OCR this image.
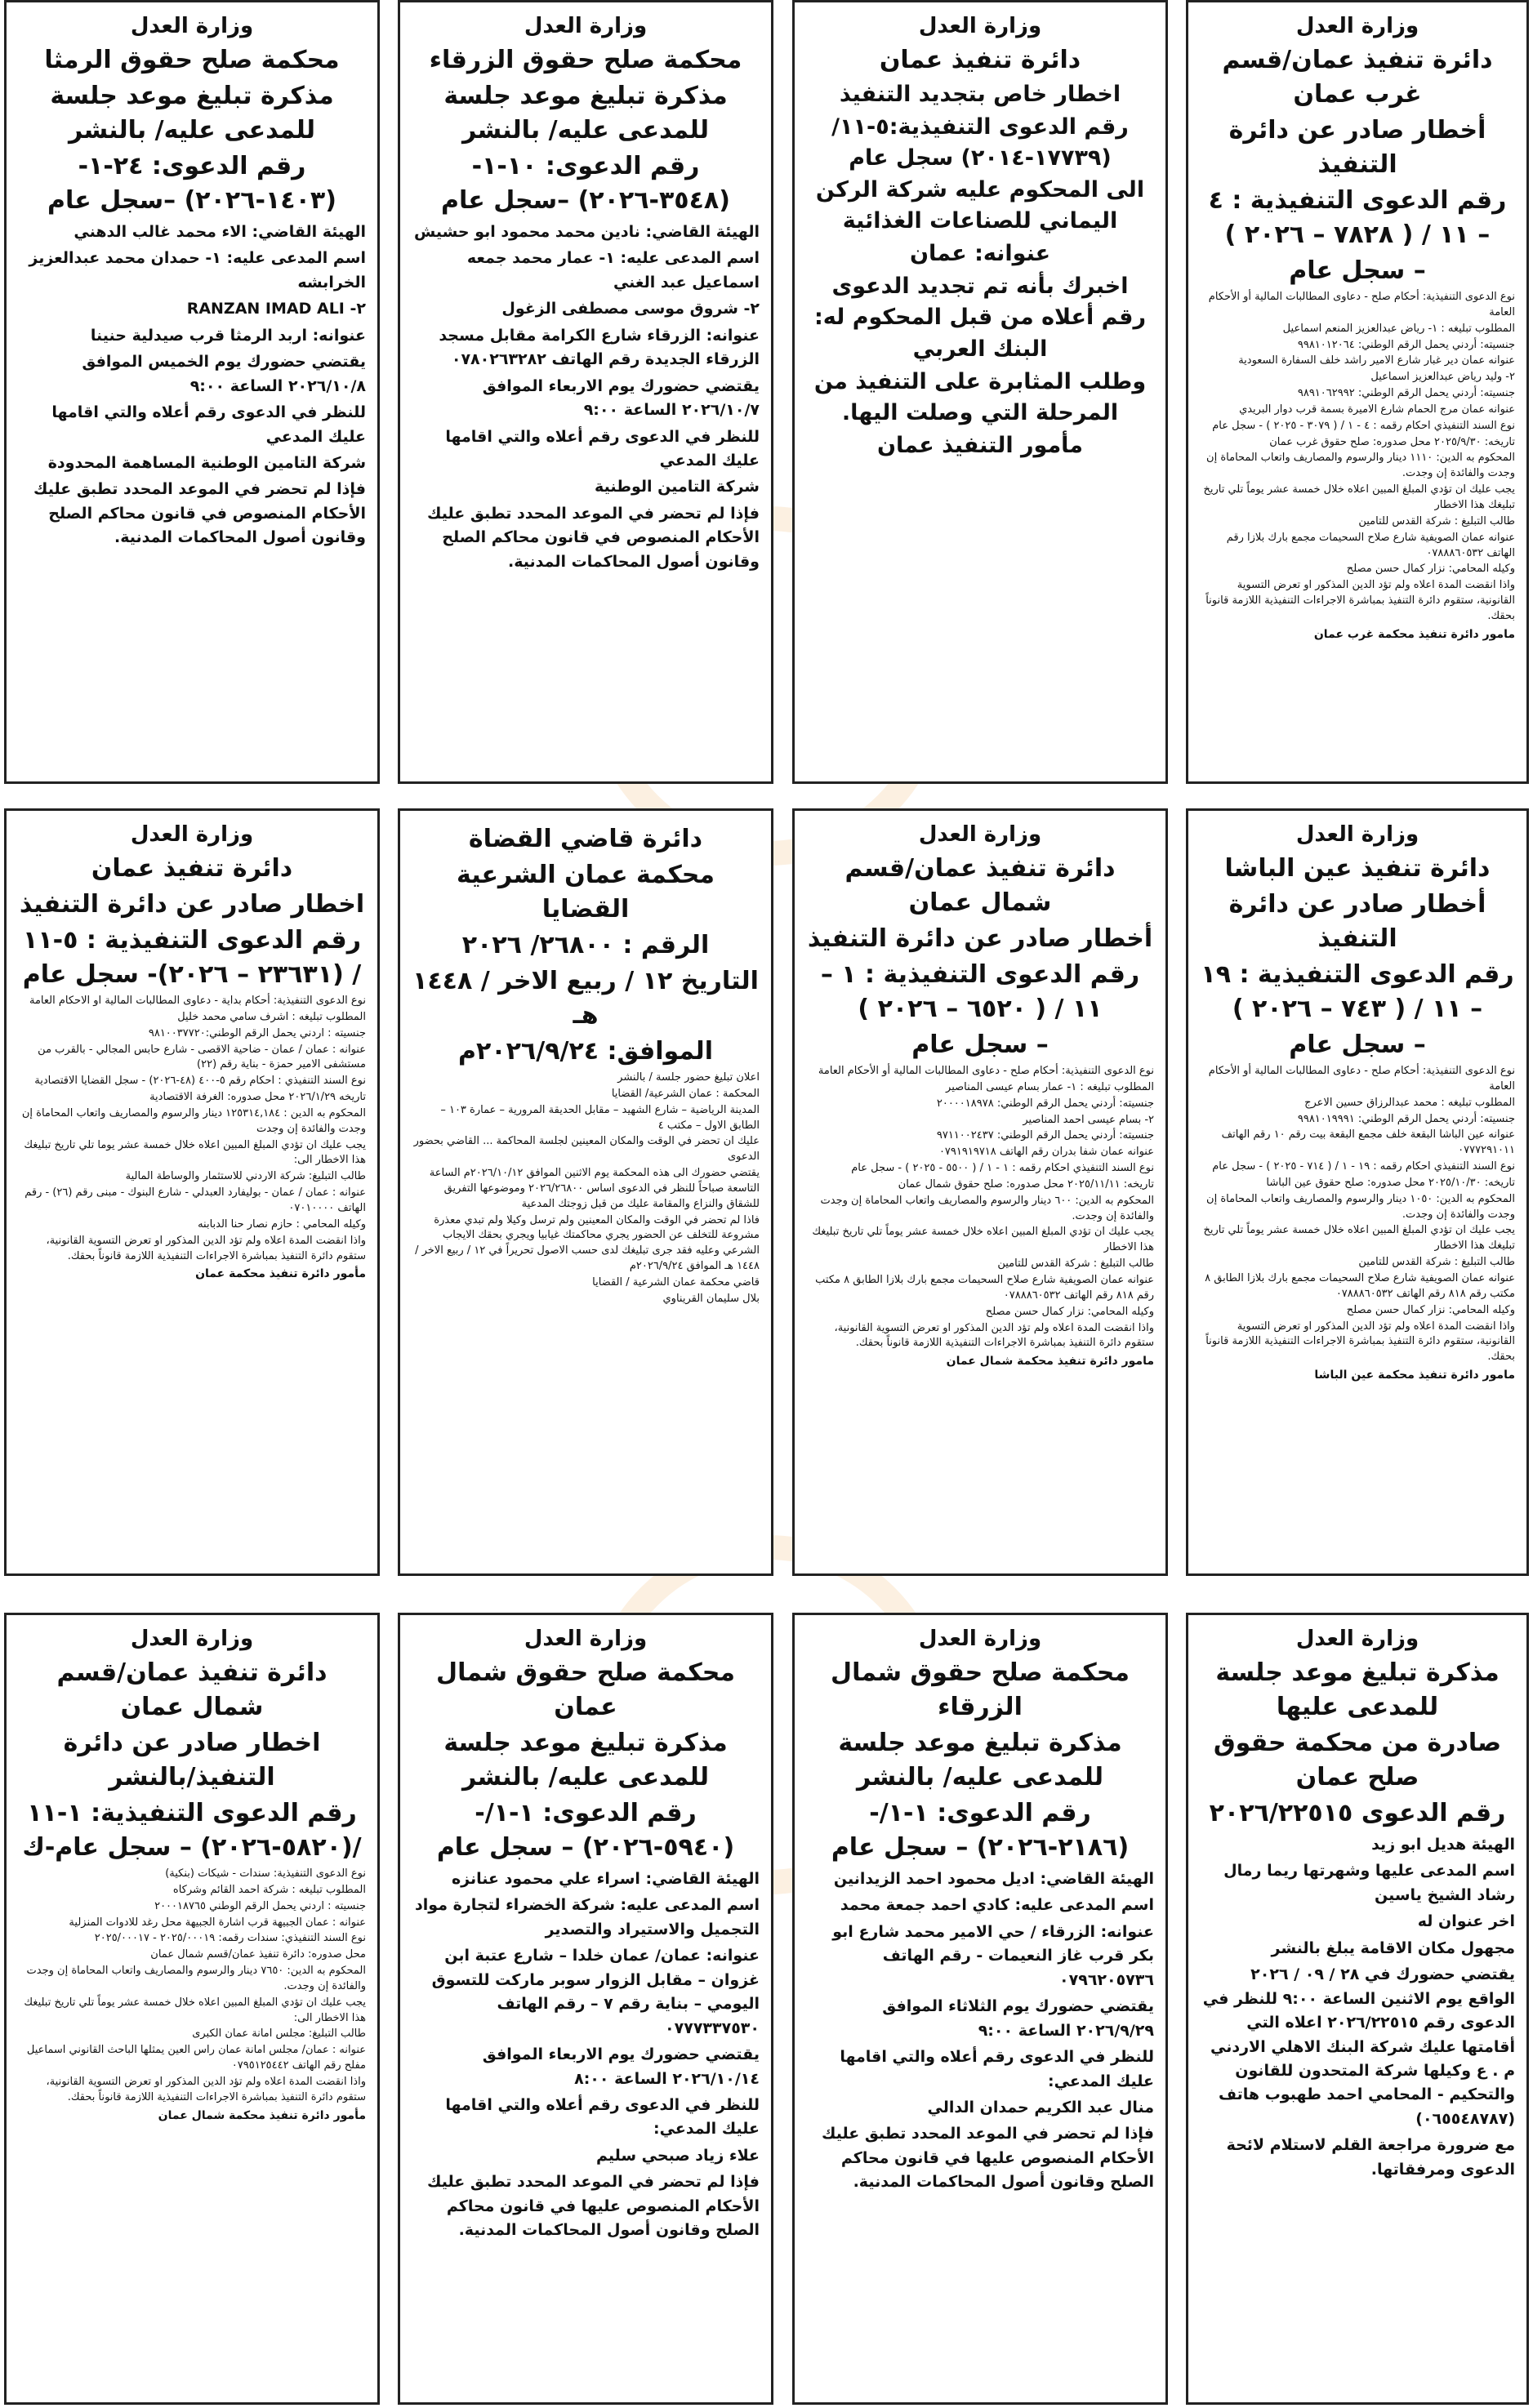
وزارة العدل
دائرة تنفيذ عمان/قسم غرب عمان
أخطار صادر عن دائرة التنفيذ
رقم الدعوى التنفيذية : ٤ – ١١ / ( ٧٨٢٨ – ٢٠٢٦ )
– سجل عام
نوع الدعوى التنفيذية: أحكام صلح - دعاوى المطالبات المالية أو الأحكام العامة
المطلوب تبليغه : ١- رياض عبدالعزيز المنعم اسماعيل
جنسيته: أردني يحمل الرقم الوطني: ٩٩٨١٠١٢٠٦٤
عنوانه عمان دير غبار شارع الامير راشد خلف السفارة السعودية
٢- وليد رياض عبدالعزيز اسماعيل
جنسيته: أردني يحمل الرقم الوطني: ٩٨٩١٠٦٢٩٩٢
عنوانه عمان مرج الحمام شارع الاميرة بسمة قرب دوار البريدي
نوع السند التنفيذي احكام رقمه : ٤ - ١ / ( ٣٠٧٩ - ٢٠٢٥ ) - سجل عام
تاريخه: ٢٠٢٥/٩/٣٠ محل صدوره: صلح حقوق غرب عمان
المحكوم به الدين: ١١١٠ دينار والرسوم والمصاريف واتعاب المحاماة إن وجدت والفائدة إن وجدت.
يجب عليك ان تؤدي المبلغ المبين اعلاه خلال خمسة عشر يوماً تلي تاريخ تبليغك هذا الاخطار
طالب التبليغ : شركة القدس للتامين
عنوانه عمان الصويفية شارع صلاح السحيمات مجمع بارك بلازا رقم الهاتف ٠٧٨٨٨٦٠٥٣٢
وكيله المحامي: نزار كمال حسن مصلح
واذا انقضت المدة اعلاه ولم تؤد الدين المذكور او تعرض التسوية القانونية، ستقوم دائرة التنفيذ بمباشرة الاجراءات التنفيذية اللازمة قانوناً بحقك.
مامور دائرة تنفيذ محكمة غرب عمان
وزارة العدل
دائرة تنفيذ عمان
اخطار خاص بتجديد التنفيذ
رقم الدعوى التنفيذية:٥-١١/ (١٧٧٣٩-٢٠١٤) سجل عام
الى المحكوم عليه شركة الركن اليماني للصناعات الغذائية
عنوانه: عمان
اخبرك بأنه تم تجديد الدعوى رقم أعلاه من قبل المحكوم له:
البنك العربي
وطلب المثابرة على التنفيذ من المرحلة التي وصلت اليها.
مأمور التنفيذ عمان
وزارة العدل
محكمة صلح حقوق الزرقاء
مذكرة تبليغ موعد جلسة للمدعى عليه/ بالنشر
رقم الدعوى: ١٠-١-(٣٥٤٨-٢٠٢٦) –سجل عام
الهيئة القاضي: نادين محمد محمود ابو حشيش
اسم المدعى عليه: ١- عمار محمد جمعه اسماعيل عبد الغني
٢- شروق موسى مصطفى الزغول
عنوانه: الزرقاء شارع الكرامة مقابل مسجد الزرقاء الجديدة رقم الهاتف ٠٧٨٠٢٦٣٢٨٢
يقتضي حضورك يوم الاربعاء الموافق ٢٠٢٦/١٠/٧ الساعة ٩:٠٠
للنظر في الدعوى رقم أعلاه والتي اقامها عليك المدعي
شركة التامين الوطنية
فإذا لم تحضر في الموعد المحدد تطبق عليك الأحكام المنصوص في قانون محاكم الصلح وقانون أصول المحاكمات المدنية.
وزارة العدل
محكمة صلح حقوق الرمثا
مذكرة تبليغ موعد جلسة للمدعى عليه/ بالنشر
رقم الدعوى: ٢٤-١-(١٤٠٣-٢٠٢٦) –سجل عام
الهيئة القاضي: الاء محمد غالب الدهني
اسم المدعى عليه: ١- حمدان محمد عبدالعزيز الخرابشه
٢- RANZAN IMAD ALI
عنوانه: اربد الرمثا قرب صيدلية حنينا
يقتضي حضورك يوم الخميس الموافق ٢٠٢٦/١٠/٨ الساعة ٩:٠٠
للنظر في الدعوى رقم أعلاه والتي اقامها عليك المدعي
شركة التامين الوطنية المساهمة المحدودة
فإذا لم تحضر في الموعد المحدد تطبق عليك الأحكام المنصوص في قانون محاكم الصلح وقانون أصول المحاكمات المدنية.
وزارة العدل
دائرة تنفيذ عين الباشا
أخطار صادر عن دائرة التنفيذ
رقم الدعوى التنفيذية : ١٩ – ١١ / ( ٧٤٣ – ٢٠٢٦ )
– سجل عام
نوع الدعوى التنفيذية: أحكام صلح - دعاوى المطالبات المالية أو الأحكام العامة
المطلوب تبليغه : محمد عبدالرزاق حسين الاعرج
جنسيته: أردني يحمل الرقم الوطني: ٩٩٨١٠١٩٩٩١
عنوانه عين الباشا البقعة خلف مجمع البقعة بيت رقم ١٠ رقم الهاتف ٠٧٧٧٢٩١٠١١
نوع السند التنفيذي احكام رقمه : ١٩ - ١ / ( ٧١٤ - ٢٠٢٥ ) - سجل عام
تاريخه: ٢٠٢٥/١٠/٣٠ محل صدوره: صلح حقوق عين الباشا
المحكوم به الدين: ١٠٥٠ دينار والرسوم والمصاريف واتعاب المحاماة إن وجدت والفائدة إن وجدت.
يجب عليك ان تؤدي المبلغ المبين اعلاه خلال خمسة عشر يوماً تلي تاريخ تبليغك هذا الاخطار
طالب التبليغ : شركة القدس للتامين
عنوانه عمان الصويفية شارع صلاح السحيمات مجمع بارك بلازا الطابق ٨ مكتب رقم ٨١٨ رقم الهاتف ٠٧٨٨٨٦٠٥٣٢
وكيله المحامي: نزار كمال حسن مصلح
واذا انقضت المدة اعلاه ولم تؤد الدين المذكور او تعرض التسوية القانونية، ستقوم دائرة التنفيذ بمباشرة الاجراءات التنفيذية اللازمة قانوناً بحقك.
مامور دائرة تنفيذ محكمة عين الباشا
وزارة العدل
دائرة تنفيذ عمان/قسم شمال عمان
أخطار صادر عن دائرة التنفيذ
رقم الدعوى التنفيذية : ١ – ١١ / ( ٦٥٢٠ – ٢٠٢٦ )
– سجل عام
نوع الدعوى التنفيذية: أحكام صلح - دعاوى المطالبات المالية أو الأحكام العامة
المطلوب تبليغه : ١- عمار بسام عيسى المناصير
جنسيته: أردني يحمل الرقم الوطني: ٢٠٠٠٠١٨٩٧٨
٢- بسام عيسى احمد المناصير
جنسيته: أردني يحمل الرقم الوطني: ٩٧١١٠٠٢٤٣٧
عنوانه عمان شفا بدران رقم الهاتف ٠٧٩١٩١٩٧١٨
نوع السند التنفيذي احكام رقمه : ١ - ١ / ( ٥٥٠٠ - ٢٠٢٥ ) - سجل عام
تاريخه: ٢٠٢٥/١١/١١ محل صدوره: صلح حقوق شمال عمان
المحكوم به الدين: ٦٠٠ دينار والرسوم والمصاريف واتعاب المحاماة إن وجدت والفائدة إن وجدت.
يجب عليك ان تؤدي المبلغ المبين اعلاه خلال خمسة عشر يوماً تلي تاريخ تبليغك هذا الاخطار
طالب التبليغ : شركة القدس للتامين
عنوانه عمان الصويفية شارع صلاح السحيمات مجمع بارك بلازا الطابق ٨ مكتب رقم ٨١٨ رقم الهاتف ٠٧٨٨٨٦٠٥٣٢
وكيله المحامي: نزار كمال حسن مصلح
واذا انقضت المدة اعلاه ولم تؤد الدين المذكور او تعرض التسوية القانونية، ستقوم دائرة التنفيذ بمباشرة الاجراءات التنفيذية اللازمة قانوناً بحقك.
مامور دائرة تنفيذ محكمة شمال عمان
دائرة قاضي القضاة
محكمة عمان الشرعية القضايا
الرقم : ٢٦٨٠٠/ ٢٠٢٦
التاريخ ١٢ / ربيع الاخر / ١٤٤٨ هـ
الموافق: ٢٠٢٦/٩/٢٤م
اعلان تبليغ حضور جلسة / بالنشر
المحكمة : عمان الشرعية/ القضايا
المدينة الرياضية – شارع الشهيد – مقابل الحديقة المرورية – عمارة ١٠٣ – الطابق الاول – مكتب ٤
عليك ان تحضر في الوقت والمكان المعينين لجلسة المحاكمة ... القاضي بحضور الدعوى
يقتضي حضورك الى هذه المحكمة يوم الاثنين الموافق ٢٠٢٦/١٠/١٢م الساعة التاسعة صباحاً للنظر في الدعوى اساس ٢٠٢٦/٢٦٨٠٠ وموضوعها التفريق للشقاق والنزاع والمقامة عليك من قبل زوجتك المدعية
فاذا لم تحضر في الوقت والمكان المعينين ولم ترسل وكيلا ولم تبدي معذرة مشروعة للتخلف عن الحضور يجري محاكمتك غيابيا ويجري بحقك الايجاب الشرعي وعليه فقد جرى تبليغك لدى حسب الاصول تحريراً في ١٢ / ربيع الاخر / ١٤٤٨ هـ الموافق ٢٠٢٦/٩/٢٤م
قاضي محكمة عمان الشرعية / القضايا
بلال سليمان القريناوي
وزارة العدل
دائرة تنفيذ عمان
اخطار صادر عن دائرة التنفيذ
رقم الدعوى التنفيذية : ٥-١١ / (٢٣٦٣١ – ٢٠٢٦)- سجل عام
نوع الدعوى التنفيذية: أحكام بداية - دعاوى المطالبات المالية او الاحكام العامة
المطلوب تبليغه : اشرف سامي محمد خليل
جنسيته : اردني يحمل الرقم الوطني:٩٨١٠٠٣٧٧٢٠
عنوانه : عمان / عمان - ضاحية الاقصى - شارع حابس المجالي - بالقرب من مستشفى الامير حمزة - بناية رقم (٢٢)
نوع السند التنفيذي : احكام رقم ٥-٤٠٠ (٤٨-٢٠٢٦) - سجل القضايا الاقتصادية
تاريخه ٢٠٢٦/١/٢٩ محل صدوره: الغرفة الاقتصادية
المحكوم به الدين : ١٢٥٣١٤,١٨٤ دينار والرسوم والمصاريف واتعاب المحاماة إن وجدت والفائدة إن وجدت
يجب عليك ان تؤدي المبلغ المبين اعلاه خلال خمسة عشر يوما تلي تاريخ تبليغك هذا الاخطار الى:
طالب التبليغ: شركة الاردني للاستثمار والوساطة المالية
عنوانه : عمان / عمان - بوليفارد العبدلي - شارع البنوك - مبنى رقم (٢٦) - رقم الهاتف ٠٧٠١٠٠٠٠
وكيله المحامي : حازم نصار حنا الدبابنه
واذا انقضت المدة اعلاه ولم تؤد الدين المذكور او تعرض التسوية القانونية، ستقوم دائرة التنفيذ بمباشرة الاجراءات التنفيذية اللازمة قانوناً بحقك.
مأمور دائرة تنفيذ محكمة عمان
وزارة العدل
مذكرة تبليغ موعد جلسة للمدعى عليها
صادرة من محكمة حقوق صلح عمان
رقم الدعوى ٢٠٢٦/٢٢٥١٥
الهيئة هديل ابو زيد
اسم المدعى عليها وشهرتها ريما رمال رشاد الشيخ ياسين
اخر عنوان له
مجهول مكان الاقامة يبلغ بالنشر
يقتضي حضورك في ٢٨ / ٠٩ / ٢٠٢٦ الواقع يوم الاثنين الساعة ٩:٠٠ للنظر في الدعوى رقم ٢٠٢٦/٢٢٥١٥ اعلاه التي أقامتها عليك شركة البنك الاهلي الاردني م . ع وكيلها شركة المتحدون للقانون والتحكيم - المحامي احمد طهبوب هاتف (٠٦٥٥٤٨٧٨٧)
مع ضرورة مراجعة القلم لاستلام لائحة الدعوى ومرفقاتها.
وزارة العدل
محكمة صلح حقوق شمال الزرقاء
مذكرة تبليغ موعد جلسة للمدعى عليه/ بالنشر
رقم الدعوى: ١-١/-(٢١٨٦-٢٠٢٦) – سجل عام
الهيئة القاضي: اديل محمود احمد الزيدانين
اسم المدعى عليه: كادي احمد جمعة محمد
عنوانه: الزرقاء / حي الامير محمد شارع ابو بكر قرب غاز النعيمات - رقم الهاتف ٠٧٩٦٢٠٥٧٣٦
يقتضي حضورك يوم الثلاثاء الموافق ٢٠٢٦/٩/٢٩ الساعة ٩:٠٠
للنظر في الدعوى رقم أعلاه والتي اقامها عليك المدعي:
منال عبد الكريم حمدان الدالي
فإذا لم تحضر في الموعد المحدد تطبق عليك الأحكام المنصوص عليها في قانون محاكم الصلح وقانون أصول المحاكمات المدنية.
وزارة العدل
محكمة صلح حقوق شمال عمان
مذكرة تبليغ موعد جلسة للمدعى عليه/ بالنشر
رقم الدعوى: ١-١/-(٥٩٤٠-٢٠٢٦) – سجل عام
الهيئة القاضي: اسراء علي محمود عنانزه
اسم المدعى عليه: شركة الخضراء لتجارة مواد التجميل والاستيراد والتصدير
عنوانه: عمان/ عمان خلدا – شارع عتبة ابن غزوان – مقابل الزوار سوبر ماركت للتسوق اليومي – بناية رقم ٧ – رقم الهاتف ٠٧٧٧٣٣٧٥٣٠
يقتضي حضورك يوم الاربعاء الموافق ٢٠٢٦/١٠/١٤ الساعة ٨:٠٠
للنظر في الدعوى رقم أعلاه والتي اقامها عليك المدعي:
علاء زياد صبحي سليم
فإذا لم تحضر في الموعد المحدد تطبق عليك الأحكام المنصوص عليها في قانون محاكم الصلح وقانون أصول المحاكمات المدنية.
وزارة العدل
دائرة تنفيذ عمان/قسم شمال عمان
اخطار صادر عن دائرة التنفيذ/بالنشر
رقم الدعوى التنفيذية: ١-١١ /(٥٨٢٠-٢٠٢٦) – سجل عام-ك
نوع الدعوى التنفيذية: سندات - شيكات (بنكية)
المطلوب تبليغه : شركة احمد القائم وشركاه
جنسيته : اردني يحمل الرقم الوطني ٢٠٠٠١٨٧٦٥
عنوانه : عمان الجبيهة قرب اشارة الجبيهة محل رغد للادوات المنزلية
نوع السند التنفيذي: سندات رقمه: ٢٠٢٥/٠٠٠١٩ - ٢٠٢٥/٠٠٠١٧
محل صدوره: دائرة تنفيذ عمان/قسم شمال عمان
المحكوم به الدين: ٧٦٥٠ دينار والرسوم والمصاريف واتعاب المحاماة إن وجدت والفائدة إن وجدت.
يجب عليك ان تؤدي المبلغ المبين اعلاه خلال خمسة عشر يوماً تلي تاريخ تبليغك هذا الاخطار الى:
طالب التبليغ: مجلس امانة عمان الكبرى
عنوانه : عمان/ مجلس امانة عمان راس العين يمثلها الباحث القانوني اسماعيل مفلح رقم الهاتف ٠٧٩٥١٢٥٤٤٢
واذا انقضت المدة اعلاه ولم تؤد الدين المذكور او تعرض التسوية القانونية، ستقوم دائرة التنفيذ بمباشرة الاجراءات التنفيذية اللازمة قانوناً بحقك.
مأمور دائرة تنفيذ محكمة شمال عمان
